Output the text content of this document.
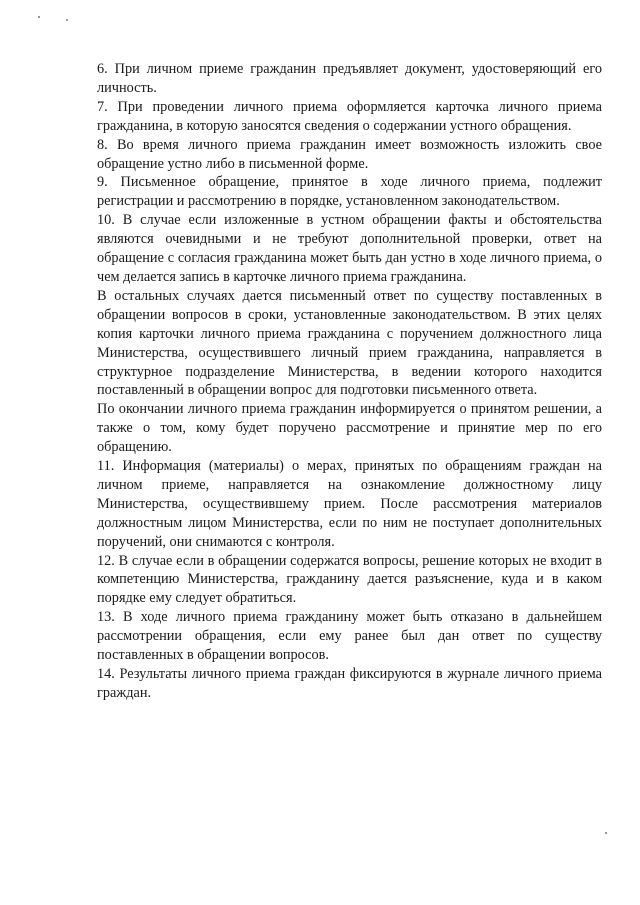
6. При личном приеме гражданин предъявляет документ, удостоверяющий его личность.

7. При проведении личного приема оформляется карточка личного приема гражданина, в которую заносятся сведения о содержании устного обращения.

8. Во время личного приема гражданин имеет возможность изложить свое обращение устно либо в письменной форме.

9. Письменное обращение, принятое в ходе личного приема, подлежит регистрации и рассмотрению в порядке, установленном законодательством.

10. В случае если изложенные в устном обращении факты и обстоятельства являются очевидными и не требуют дополнительной проверки, ответ на обращение с согласия гражданина может быть дан устно в ходе личного приема, о чем делается запись в карточке личного приема гражданина.

В остальных случаях дается письменный ответ по существу поставленных в обращении вопросов в сроки, установленные законодательством. В этих целях копия карточки личного приема гражданина с поручением должностного лица Министерства, осуществившего личный прием гражданина, направляется в структурное подразделение Министерства, в ведении которого находится поставленный в обращении вопрос для подготовки письменного ответа.

По окончании личного приема гражданин информируется о принятом решении, а также о том, кому будет поручено рассмотрение и принятие мер по его обращению.

11. Информация (материалы) о мерах, принятых по обращениям граждан на личном приеме, направляется на ознакомление должностному лицу Министерства, осуществившему прием. После рассмотрения материалов должностным лицом Министерства, если по ним не поступает дополнительных поручений, они снимаются с контроля.

12. В случае если в обращении содержатся вопросы, решение которых не входит в компетенцию Министерства, гражданину дается разъяснение, куда и в каком порядке ему следует обратиться.

13. В ходе личного приема гражданину может быть отказано в дальнейшем рассмотрении обращения, если ему ранее был дан ответ по существу поставленных в обращении вопросов.

14. Результаты личного приема граждан фиксируются в журнале личного приема граждан.
